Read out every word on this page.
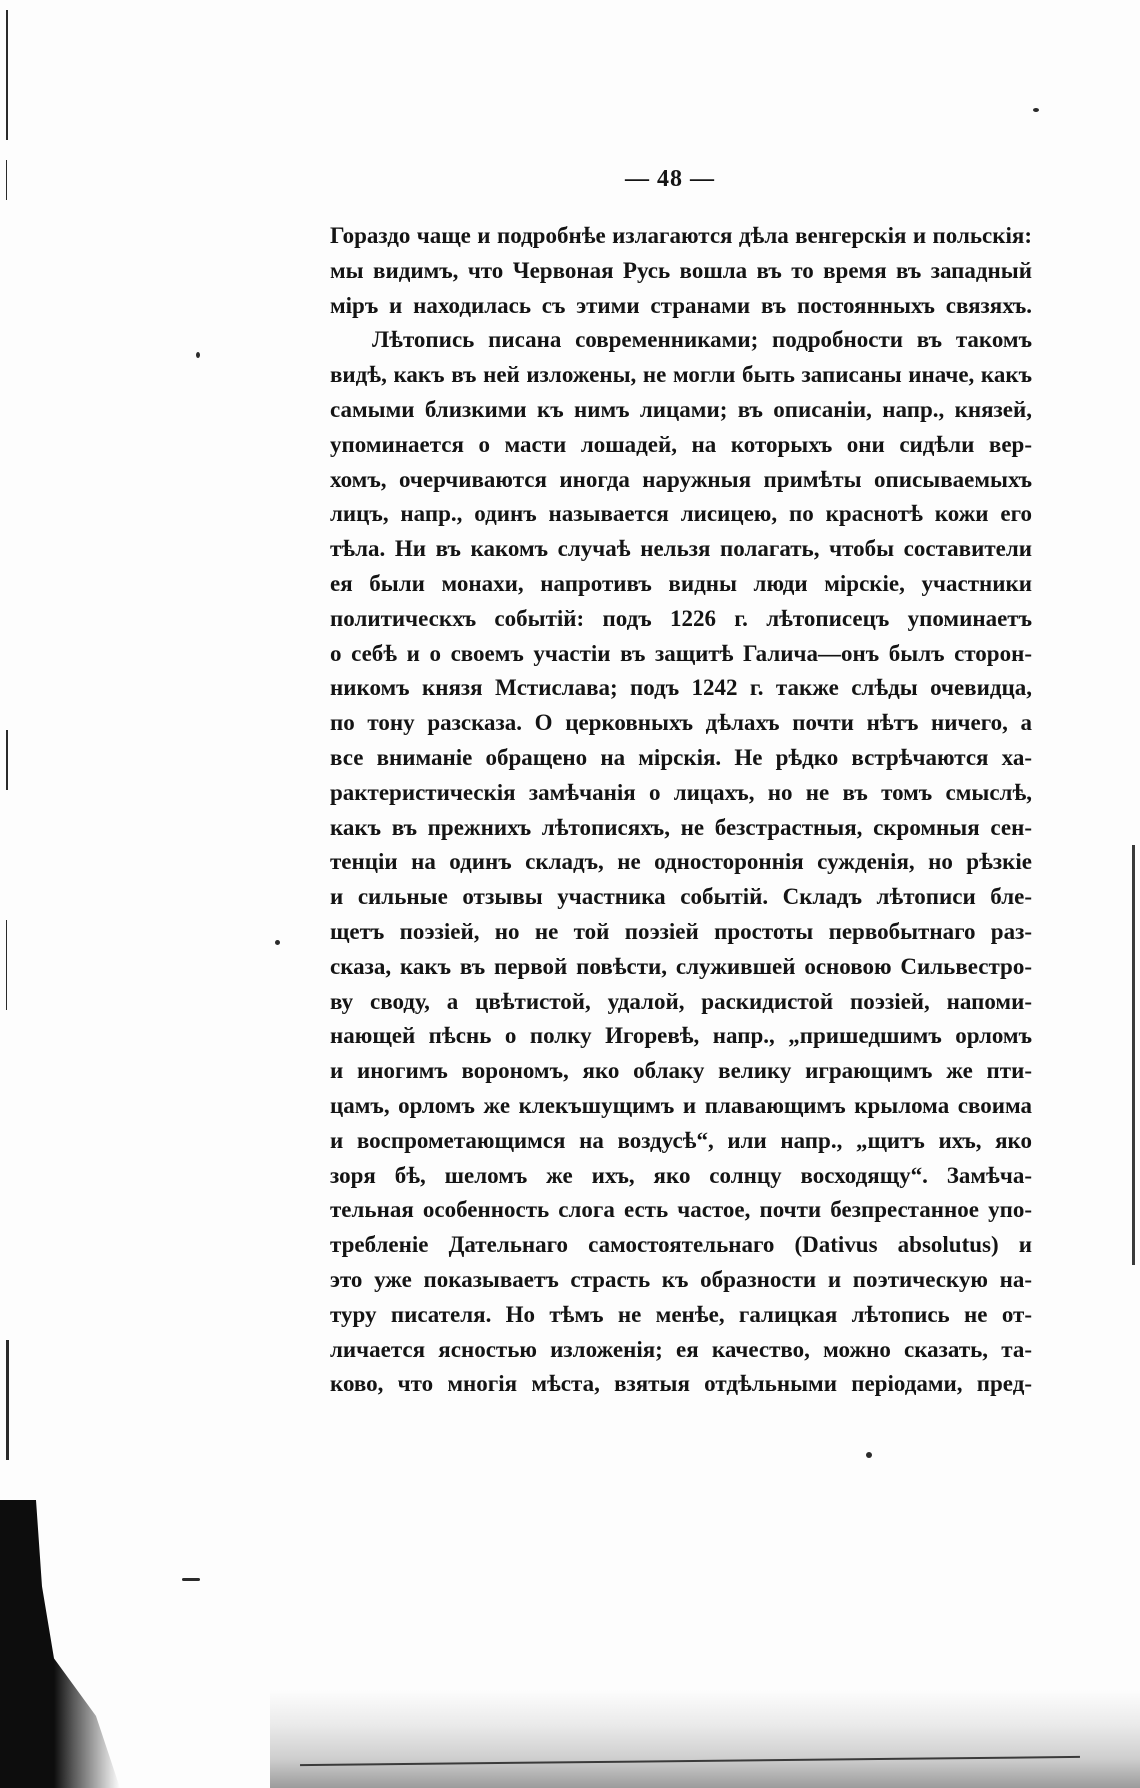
— 48 —
Гораздо чаще и подробнѣе излагаются дѣла венгерскія и польскія:
мы видимъ, что Червоная Русь вошла въ то время въ западный
міръ и находилась съ этими странами въ постоянныхъ связяхъ.
Лѣтопись писана современниками; подробности въ такомъ
видѣ, какъ въ ней изложены, не могли быть записаны иначе, какъ
самыми близкими къ нимъ лицами; въ описаніи, напр., князей,
упоминается о масти лошадей, на которыхъ они сидѣли вер-
хомъ, очерчиваются иногда наружныя примѣты описываемыхъ
лицъ, напр., одинъ называется лисицею, по краснотѣ кожи его
тѣла. Ни въ какомъ случаѣ нельзя полагать, чтобы составители
ея были монахи, напротивъ видны люди мірскіе, участники
политическхъ событій: подъ 1226 г. лѣтописецъ упоминаетъ
о себѣ и о своемъ участіи въ защитѣ Галича—онъ былъ сторон-
никомъ князя Мстислава; подъ 1242 г. также слѣды очевидца,
по тону разсказа. О церковныхъ дѣлахъ почти нѣтъ ничего, а
все вниманіе обращено на мірскія. Не рѣдко встрѣчаются ха-
рактеристическія замѣчанія о лицахъ, но не въ томъ смыслѣ,
какъ въ прежнихъ лѣтописяхъ, не безстрастныя, скромныя сен-
тенціи на одинъ складъ, не одностороннія сужденія, но рѣзкіе
и сильные отзывы участника событій. Складъ лѣтописи бле-
щетъ поэзіей, но не той поэзіей простоты первобытнаго раз-
сказа, какъ въ первой повѣсти, служившей основою Сильвестро-
ву своду, а цвѣтистой, удалой, раскидистой поэзіей, напоми-
нающей пѣснь о полку Игоревѣ, напр., „пришедшимъ орломъ
и иногимъ ворономъ, яко облаку велику играющимъ же пти-
цамъ, орломъ же клекъшущимъ и плавающимъ крылома своима
и воспрометающимся на воздусѣ“, или напр., „щитъ ихъ, яко
зоря бѣ, шеломъ же ихъ, яко солнцу восходящу“. Замѣча-
тельная особенность слога есть частое, почти безпрестанное упо-
требленіе Дательнаго самостоятельнаго (Dativus absolutus) и
это уже показываетъ страсть къ образности и поэтическую на-
туру писателя. Но тѣмъ не менѣе, галицкая лѣтопись не от-
личается ясностью изложенія; ея качество, можно сказать, та-
ково, что многія мѣста, взятыя отдѣльными періодами, пред-
